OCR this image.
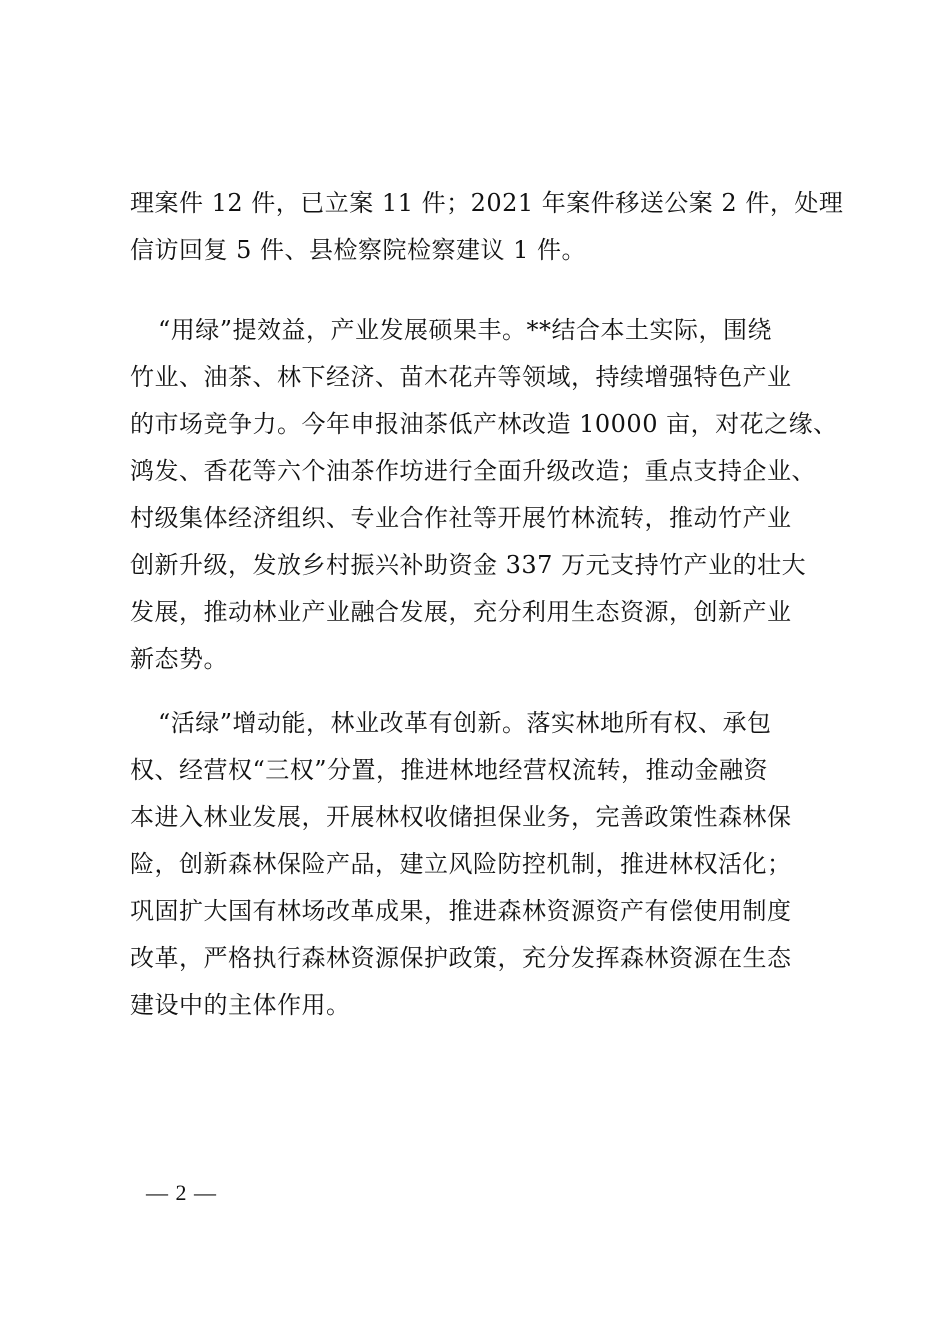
理案件 12 件，已立案 11 件；2021 年案件移送公案 2 件，处理
信访回复 5 件、县检察院检察建议 1 件。
“用绿”提效益，产业发展硕果丰。**结合本土实际，围绕
竹业、油茶、林下经济、苗木花卉等领域，持续增强特色产业
的市场竞争力。今年申报油茶低产林改造 10000 亩，对花之缘、
鸿发、香花等六个油茶作坊进行全面升级改造；重点支持企业、
村级集体经济组织、专业合作社等开展竹林流转，推动竹产业
创新升级，发放乡村振兴补助资金 337 万元支持竹产业的壮大
发展，推动林业产业融合发展，充分利用生态资源，创新产业
新态势。
“活绿”增动能，林业改革有创新。落实林地所有权、承包
权、经营权“三权”分置，推进林地经营权流转，推动金融资
本进入林业发展，开展林权收储担保业务，完善政策性森林保
险，创新森林保险产品，建立风险防控机制，推进林权活化；
巩固扩大国有林场改革成果，推进森林资源资产有偿使用制度
改革，严格执行森林资源保护政策，充分发挥森林资源在生态
建设中的主体作用。
— 2 —
